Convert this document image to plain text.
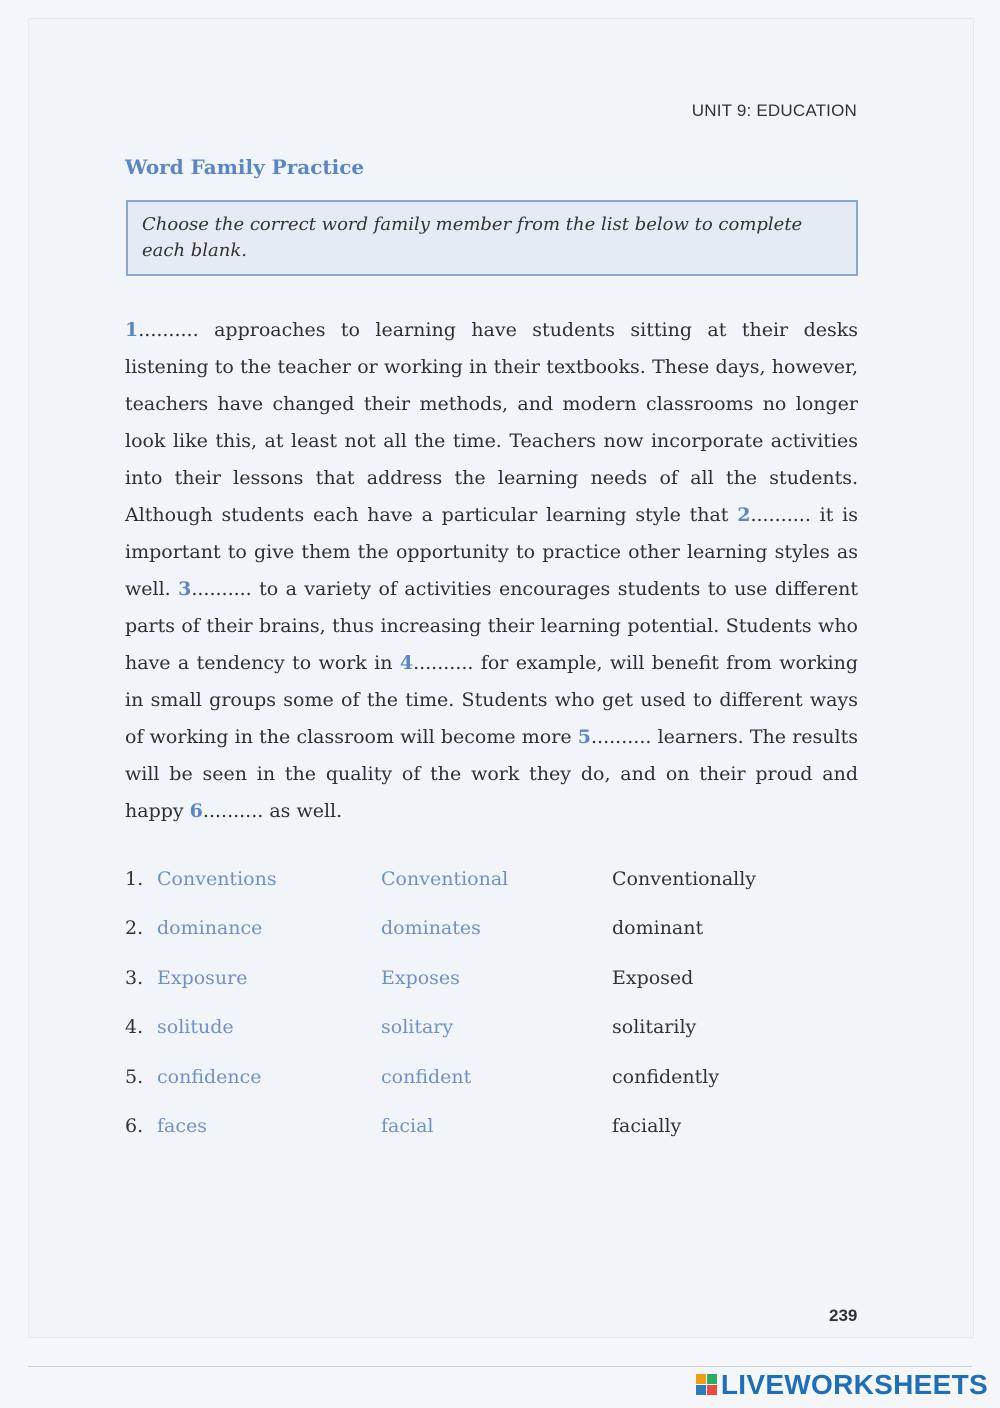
UNIT 9: EDUCATION
Word Family Practice
Choose the correct word family member from the list below to complete each blank.
1.......... approaches to learning have students sitting at their desks listening to the teacher or working in their textbooks. These days, however, teachers have changed their methods, and modern classrooms no longer look like this, at least not all the time. Teachers now incorporate activities into their lessons that address the learning needs of all the students. Although students each have a particular learning style that 2.......... it is important to give them the opportunity to practice other learning styles as well. 3.......... to a variety of activities encourages students to use different parts of their brains, thus increasing their learning potential. Students who have a tendency to work in 4.......... for example, will benefit from working in small groups some of the time. Students who get used to different ways of working in the classroom will become more 5.......... learners. The results will be seen in the quality of the work they do, and on their proud and happy 6.......... as well.
1. Conventions	Conventional	Conventionally
2. dominance	dominates	dominant
3. Exposure	Exposes	Exposed
4. solitude	solitary	solitarily
5. confidence	confident	confidently
6. faces	facial	facially
239
LIVEWORKSHEETS
